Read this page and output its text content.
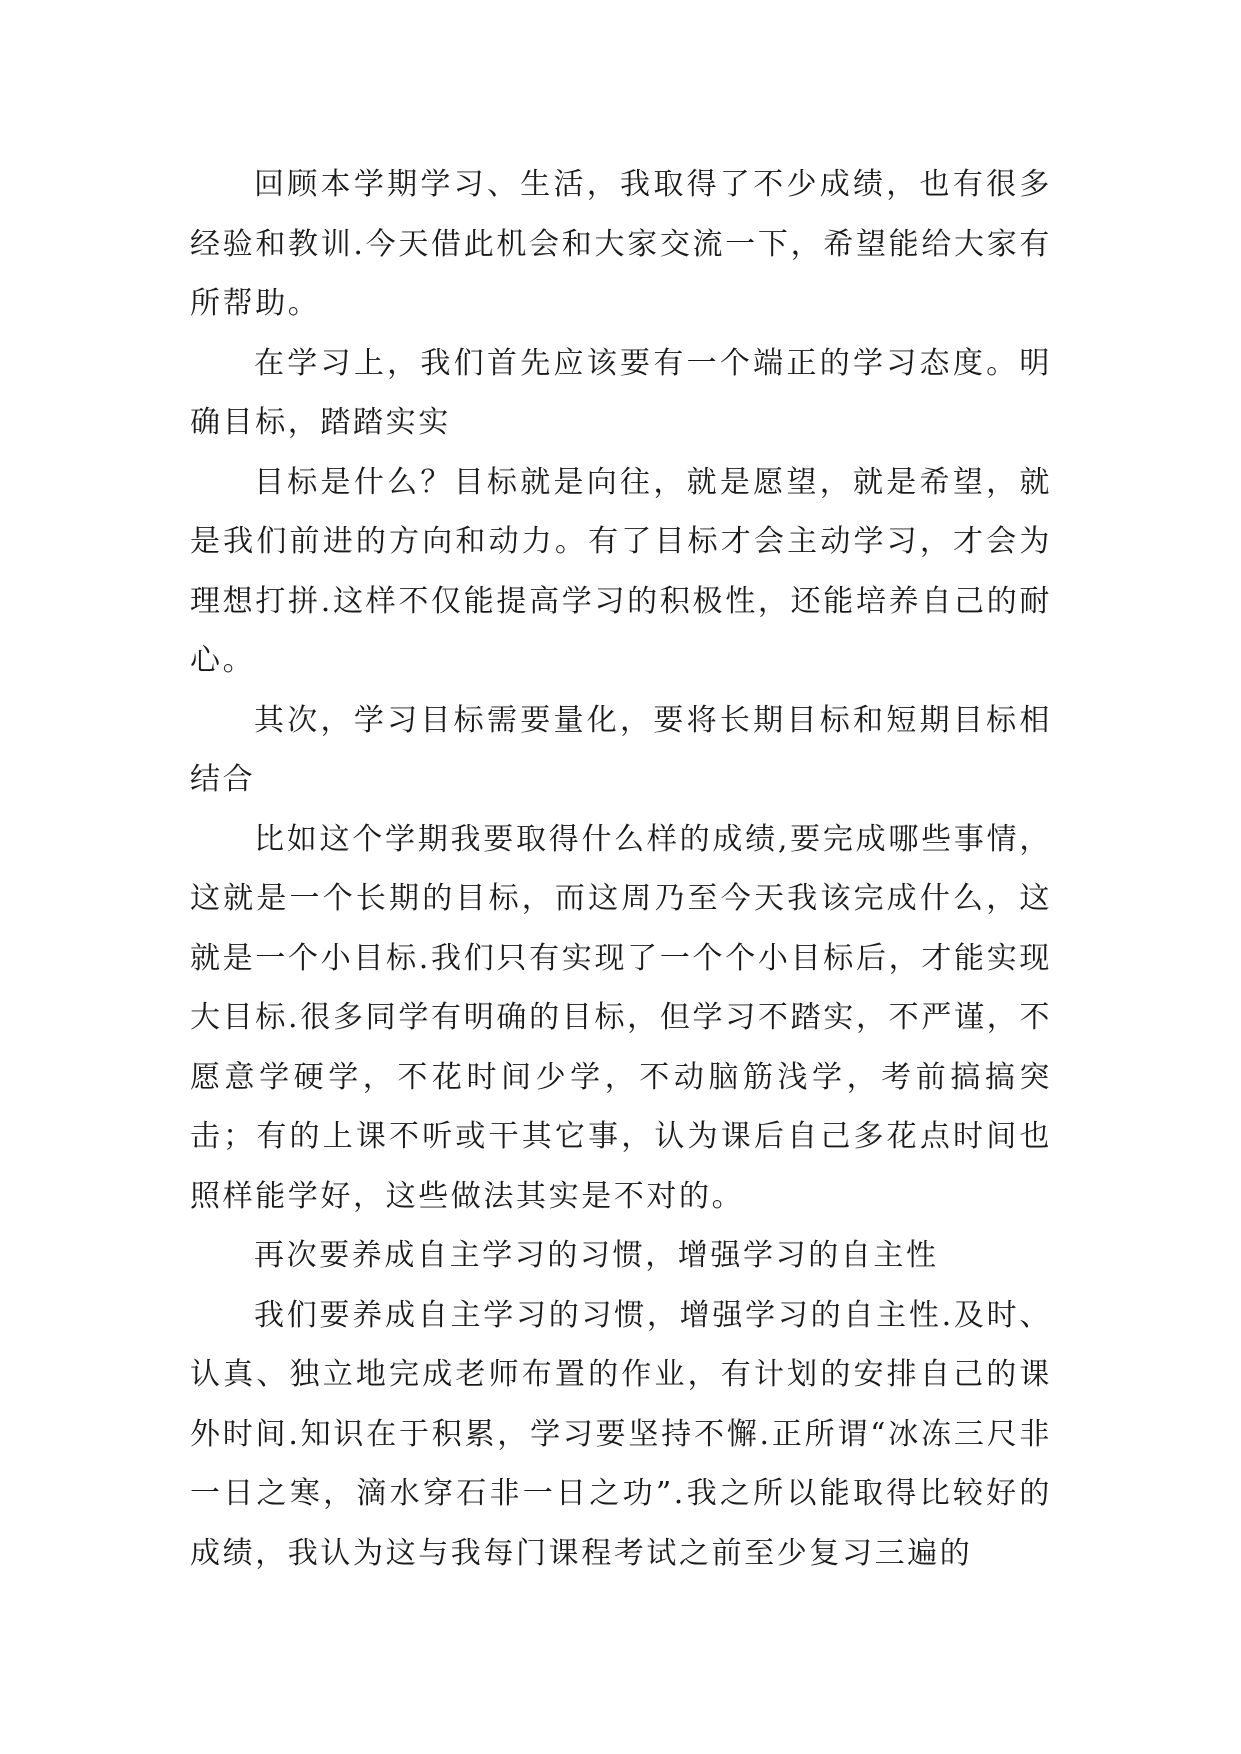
回顾本学期学习、生活，我取得了不少成绩，也有很多经验和教训.今天借此机会和大家交流一下，希望能给大家有所帮助。

在学习上，我们首先应该要有一个端正的学习态度。明确目标，踏踏实实

目标是什么？目标就是向往，就是愿望，就是希望，就是我们前进的方向和动力。有了目标才会主动学习，才会为理想打拼.这样不仅能提高学习的积极性，还能培养自己的耐心。

其次，学习目标需要量化，要将长期目标和短期目标相结合

比如这个学期我要取得什么样的成绩,要完成哪些事情，这就是一个长期的目标，而这周乃至今天我该完成什么，这就是一个小目标.我们只有实现了一个个小目标后，才能实现大目标.很多同学有明确的目标，但学习不踏实，不严谨，不愿意学硬学，不花时间少学，不动脑筋浅学，考前搞搞突击；有的上课不听或干其它事，认为课后自己多花点时间也照样能学好，这些做法其实是不对的。

再次要养成自主学习的习惯，增强学习的自主性

我们要养成自主学习的习惯，增强学习的自主性.及时、认真、独立地完成老师布置的作业，有计划的安排自己的课外时间.知识在于积累，学习要坚持不懈.正所谓“冰冻三尺非一日之寒，滴水穿石非一日之功”.我之所以能取得比较好的成绩，我认为这与我每门课程考试之前至少复习三遍的
